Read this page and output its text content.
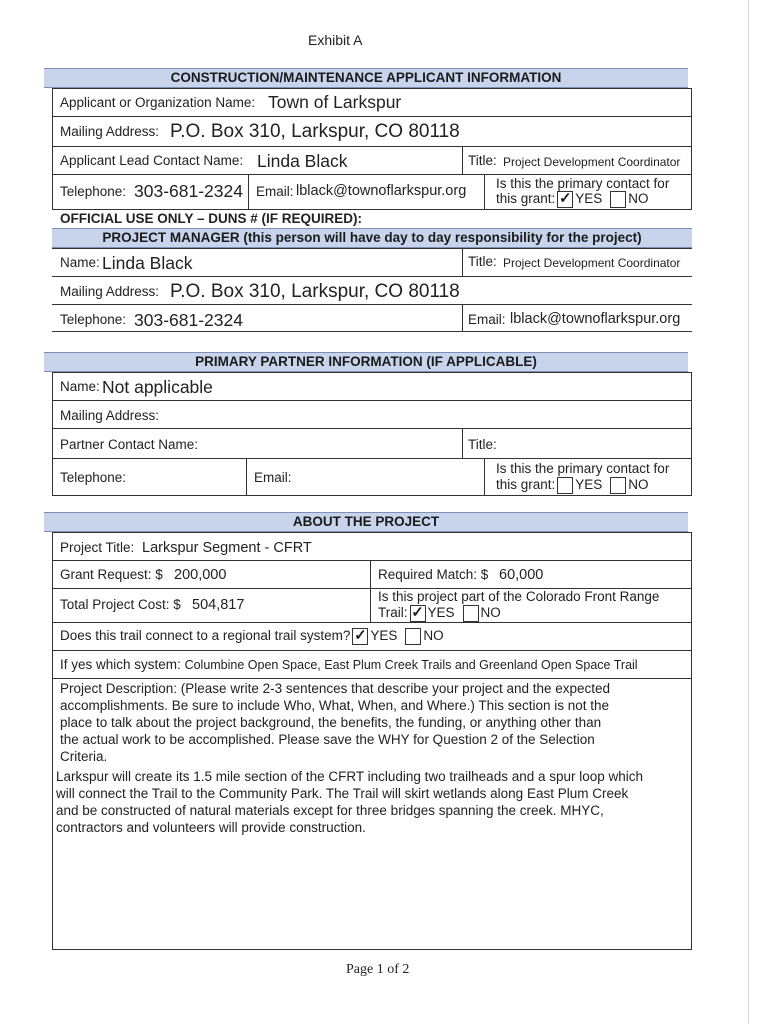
Exhibit A
CONSTRUCTION/MAINTENANCE APPLICANT INFORMATION
Applicant or Organization Name: Town of Larkspur
Mailing Address: P.O. Box 310, Larkspur, CO 80118
Applicant Lead Contact Name: Linda Black	Title: Project Development Coordinator
Telephone: 303-681-2324 Email: lblack@townoflarkspur.org Is this the primary contact for
this grant: ✓ YES NO
OFFICIAL USE ONLY – DUNS # (IF REQUIRED):
PROJECT MANAGER (this person will have day to day responsibility for the project)
Name: Linda Black	Title: Project Development Coordinator
Mailing Address: P.O. Box 310, Larkspur, CO 80118
Telephone: 303-681-2324	Email: lblack@townoflarkspur.org
PRIMARY PARTNER INFORMATION (IF APPLICABLE)
Name: Not applicable
Mailing Address:
Partner Contact Name:	Title:
Telephone:	Email:
Is this the primary contact for
this grant: YES NO
ABOUT THE PROJECT
Project Title: Larkspur Segment - CFRT
Grant Request: $ 200,000	Required Match: $ 60,000
Total Project Cost: $ 504,817
Is this project part of the Colorado Front Range
Trail: ✓ YES NO
Does this trail connect to a regional trail system? ✓ YES NO
If yes which system: Columbine Open Space, East Plum Creek Trails and Greenland Open Space Trail
Project Description: (Please write 2-3 sentences that describe your project and the expected
accomplishments. Be sure to include Who, What, When, and Where.) This section is not the
place to talk about the project background, the benefits, the funding, or anything other than
the actual work to be accomplished. Please save the WHY for Question 2 of the Selection
Criteria.
Larkspur will create its 1.5 mile section of the CFRT including two trailheads and a spur loop which
will connect the Trail to the Community Park. The Trail will skirt wetlands along East Plum Creek
and be constructed of natural materials except for three bridges spanning the creek. MHYC,
contractors and volunteers will provide construction.
Page 1 of 2
